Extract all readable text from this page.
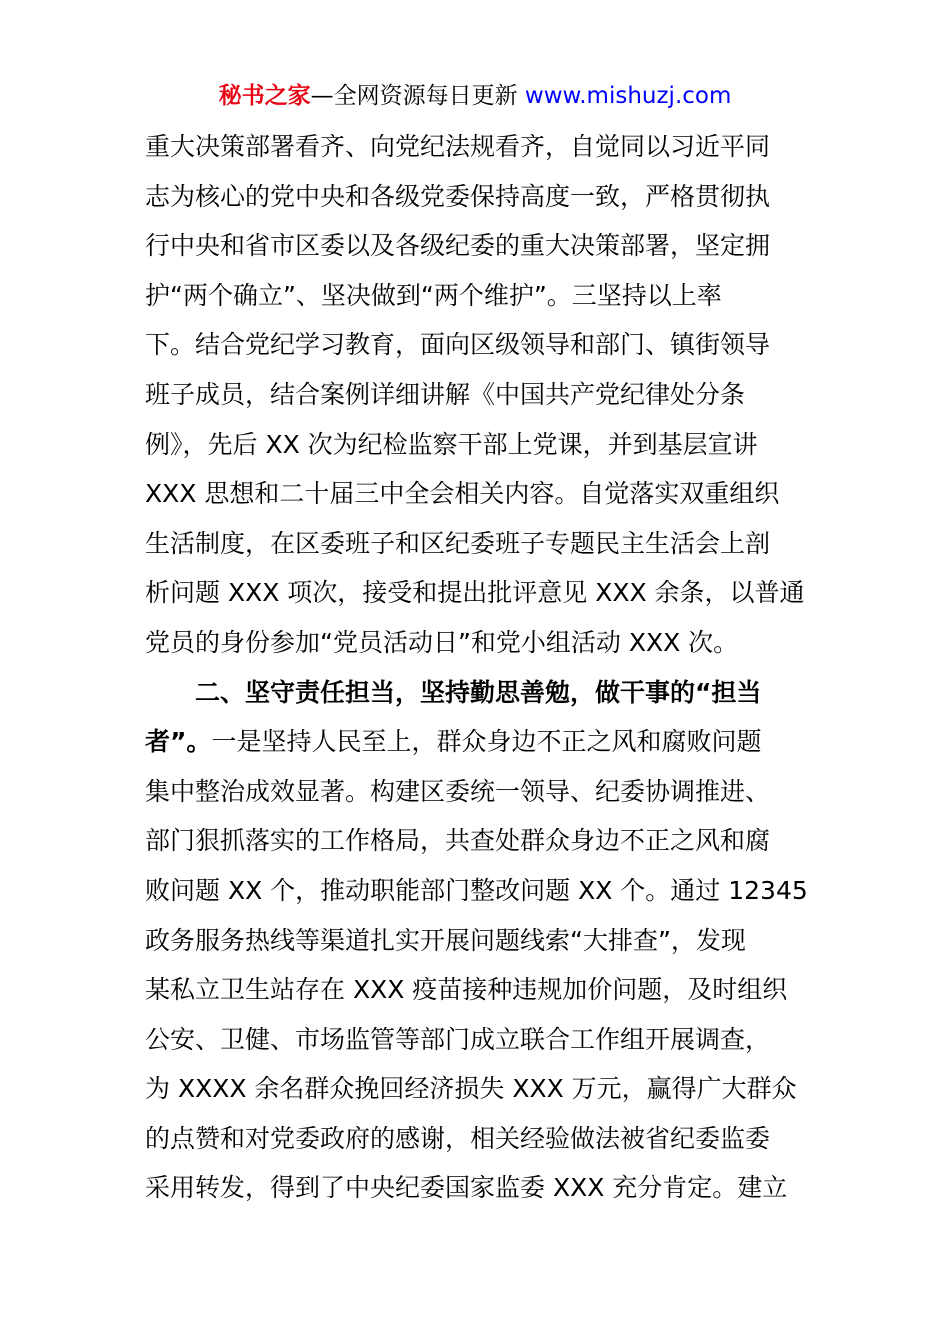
秘书之家—全网资源每日更新 www.mishuzj.com
重大决策部署看齐、向党纪法规看齐，自觉同以习近平同
志为核心的党中央和各级党委保持高度一致，严格贯彻执
行中央和省市区委以及各级纪委的重大决策部署，坚定拥
护“两个确立”、坚决做到“两个维护”。三坚持以上率
下。结合党纪学习教育，面向区级领导和部门、镇街领导
班子成员，结合案例详细讲解《中国共产党纪律处分条
例》，先后 XX 次为纪检监察干部上党课，并到基层宣讲
XXX 思想和二十届三中全会相关内容。自觉落实双重组织
生活制度，在区委班子和区纪委班子专题民主生活会上剖
析问题 XXX 项次，接受和提出批评意见 XXX 余条，以普通
党员的身份参加“党员活动日”和党小组活动 XXX 次。
二、坚守责任担当，坚持勤思善勉，做干事的“担当
者”。一是坚持人民至上，群众身边不正之风和腐败问题
集中整治成效显著。构建区委统一领导、纪委协调推进、
部门狠抓落实的工作格局，共查处群众身边不正之风和腐
败问题 XX 个，推动职能部门整改问题 XX 个。通过 12345
政务服务热线等渠道扎实开展问题线索“大排查”，发现
某私立卫生站存在 XXX 疫苗接种违规加价问题，及时组织
公安、卫健、市场监管等部门成立联合工作组开展调查，
为 XXXX 余名群众挽回经济损失 XXX 万元，赢得广大群众
的点赞和对党委政府的感谢，相关经验做法被省纪委监委
采用转发，得到了中央纪委国家监委 XXX 充分肯定。建立
